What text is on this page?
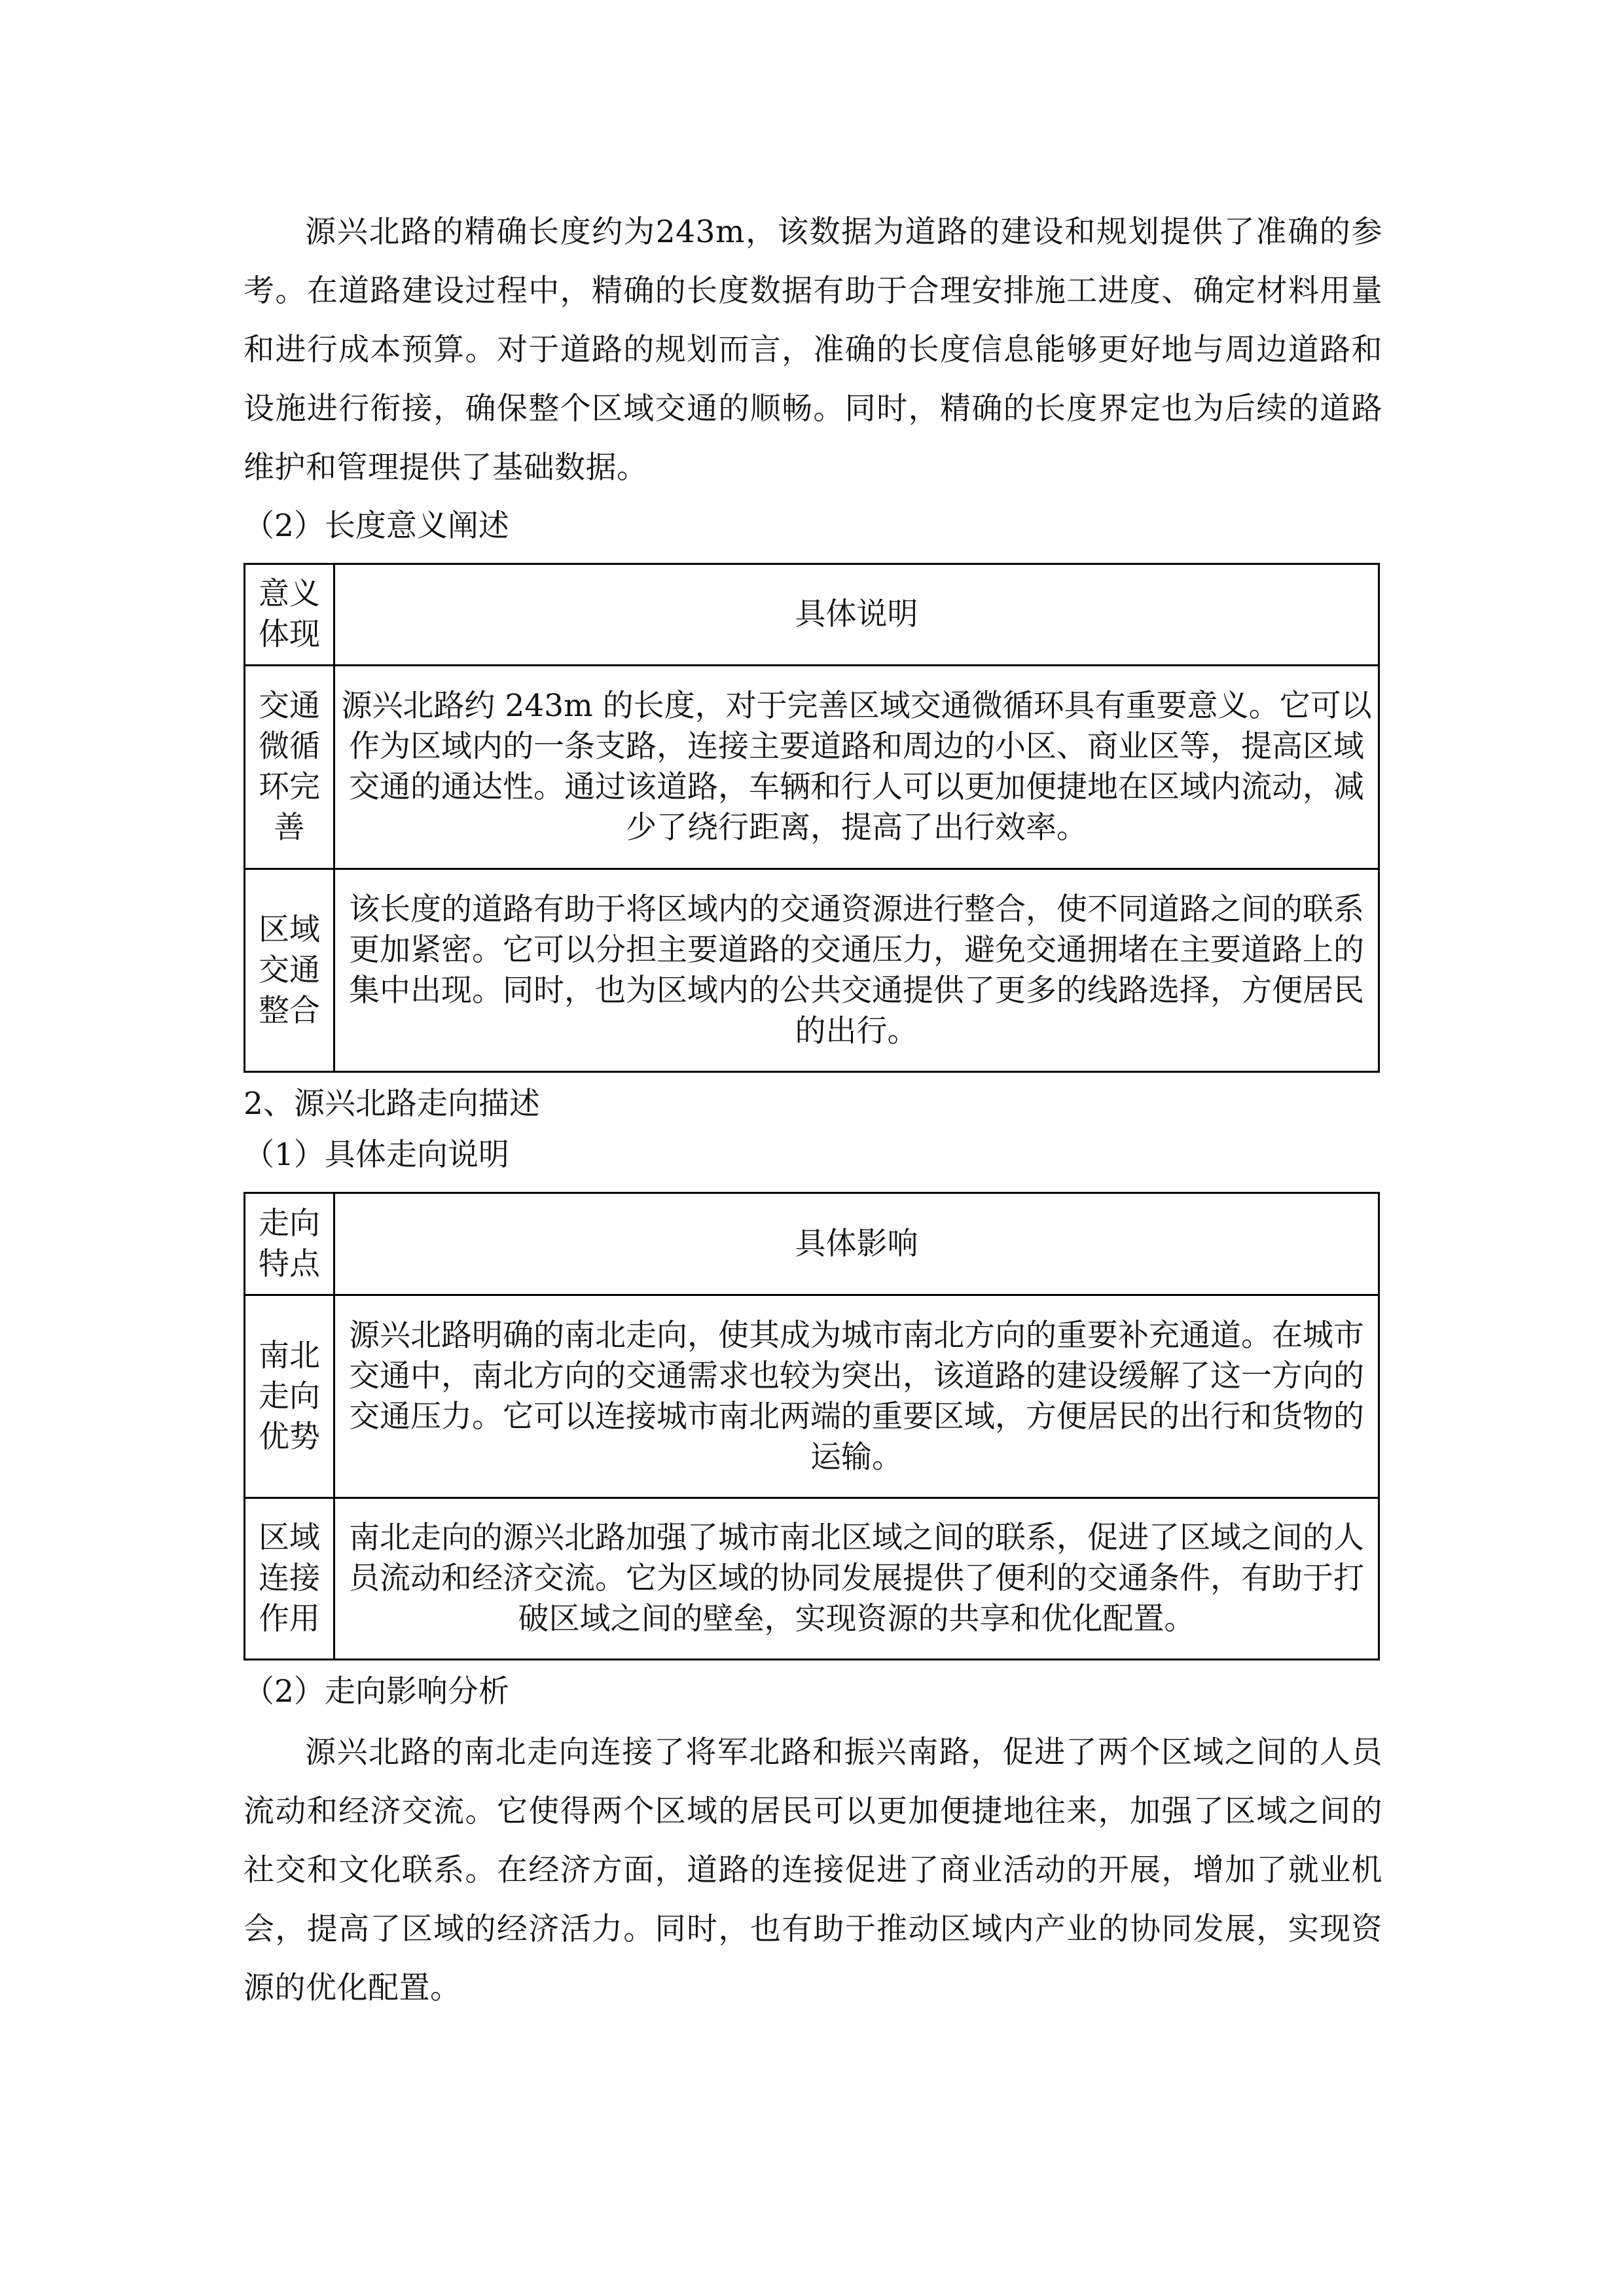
源兴北路的精确长度约为243m，该数据为道路的建设和规划提供了准确的参考。在道路建设过程中，精确的长度数据有助于合理安排施工进度、确定材料用量和进行成本预算。对于道路的规划而言，准确的长度信息能够更好地与周边道路和设施进行衔接，确保整个区域交通的顺畅。同时，精确的长度界定也为后续的道路维护和管理提供了基础数据。

（2）长度意义阐述

意义体现	具体说明
交通微循环完善	源兴北路约 243m 的长度，对于完善区域交通微循环具有重要意义。它可以作为区域内的一条支路，连接主要道路和周边的小区、商业区等，提高区域交通的通达性。通过该道路，车辆和行人可以更加便捷地在区域内流动，减少了绕行距离，提高了出行效率。
区域交通整合	该长度的道路有助于将区域内的交通资源进行整合，使不同道路之间的联系更加紧密。它可以分担主要道路的交通压力，避免交通拥堵在主要道路上的集中出现。同时，也为区域内的公共交通提供了更多的线路选择，方便居民的出行。

2、源兴北路走向描述

（1）具体走向说明

走向特点	具体影响
南北走向优势	源兴北路明确的南北走向，使其成为城市南北方向的重要补充通道。在城市交通中，南北方向的交通需求也较为突出，该道路的建设缓解了这一方向的交通压力。它可以连接城市南北两端的重要区域，方便居民的出行和货物的运输。
区域连接作用	南北走向的源兴北路加强了城市南北区域之间的联系，促进了区域之间的人员流动和经济交流。它为区域的协同发展提供了便利的交通条件，有助于打破区域之间的壁垒，实现资源的共享和优化配置。

（2）走向影响分析

源兴北路的南北走向连接了将军北路和振兴南路，促进了两个区域之间的人员流动和经济交流。它使得两个区域的居民可以更加便捷地往来，加强了区域之间的社交和文化联系。在经济方面，道路的连接促进了商业活动的开展，增加了就业机会，提高了区域的经济活力。同时，也有助于推动区域内产业的协同发展，实现资源的优化配置。
